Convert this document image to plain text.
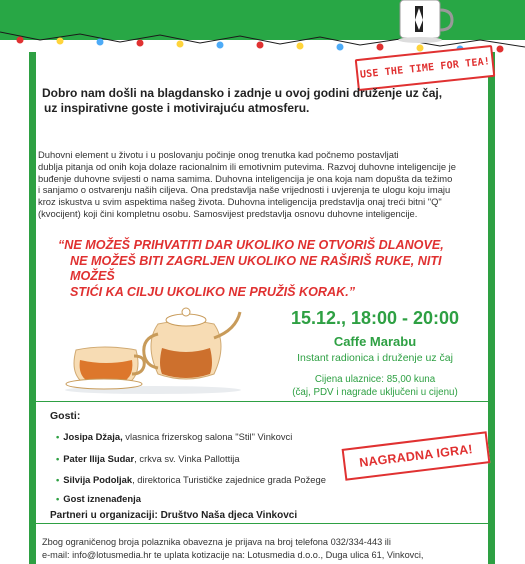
USE THE TIME FOR TEA!
Dobro nam došli na blagdansko i zadnje u ovoj godini druženje uz čaj,
uz inspirativne goste i motivirajuću atmosferu.
Duhovni element u životu i u poslovanju počinje onog trenutka kad počnemo postavljati
dublja pitanja od onih koja dolaze racionalnim ili emotivnim putevima. Razvoj duhovne inteligencije je
buđenje duhovne svijesti o nama samima. Duhovna inteligencija je ona koja nam dopušta da težimo
i sanjamo o ostvarenju naših ciljeva. Ona predstavlja naše vrijednosti i uvjerenja te ulogu koju imaju
kroz iskustva u svim aspektima našeg života. Duhovna inteligencija predstavlja onaj treći bitni "Q"
(kvocijent) koji čini kompletnu osobu. Samosvijest predstavlja osnovu duhovne inteligencije.
“NE MOŽEŠ PRIHVATITI DAR UKOLIKO NE OTVORIŠ DLANOVE,
NE MOŽEŠ BITI ZAGRLJEN UKOLIKO NE RAŠIRIŠ RUKE, NITI MOŽEŠ
STIĆI KA CILJU UKOLIKO NE PRUŽIŠ KORAK.”
15.12., 18:00 - 20:00
Caffe Marabu
Instant radionica i druženje uz čaj
Cijena ulaznice: 85,00 kuna
(čaj, PDV i nagrade uključeni u cijenu)
Gosti:
• Josipa Džaja, vlasnica frizerskog salona "Stil" Vinkovci
• Pater Ilija Sudar, crkva sv. Vinka Pallottija
• Silvija Podoljak, direktorica Turističke zajednice grada Požege
• Gost iznenađenja
NAGRADNA IGRA!
Partneri u organizaciji: Društvo Naša djeca Vinkovci
Zbog ograničenog broja polaznika obavezna je prijava na broj telefona 032/334-443 ili
e-mail: info@lotusmedia.hr te uplata kotizacije na: Lotusmedia d.o.o., Duga ulica 61, Vinkovci,
